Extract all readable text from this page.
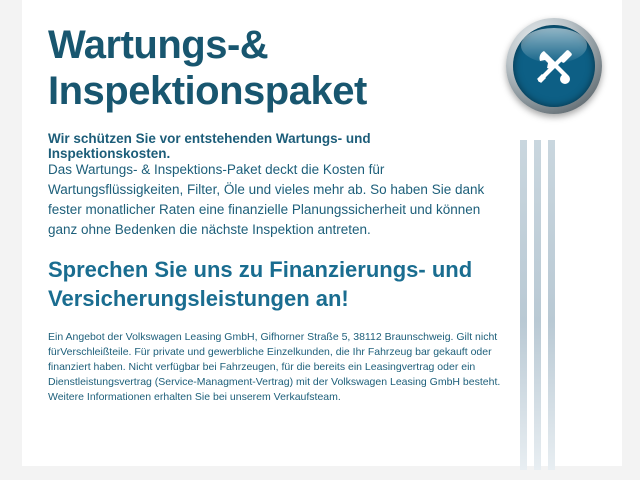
Wartungs-&
Inspektionspaket
Wir schützen Sie vor entstehenden Wartungs- und Inspektionskosten.
Das Wartungs- & Inspektions-Paket deckt die Kosten für Wartungsflüssigkeiten, Filter, Öle und vieles mehr ab. So haben Sie dank fester monatlicher Raten eine finanzielle Planungssicherheit und können ganz ohne Bedenken die nächste Inspektion antreten.
Sprechen Sie uns zu Finanzierungs- und
Versicherungsleistungen an!
Ein Angebot der Volkswagen Leasing GmbH, Gifhorner Straße 5, 38112 Braunschweig. Gilt nicht fürVerschleißteile. Für private und gewerbliche Einzelkunden, die Ihr Fahrzeug bar gekauft oder finanziert haben. Nicht verfügbar bei Fahrzeugen, für die bereits ein Leasingvertrag oder ein Dienstleistungsvertrag (Service-Managment-Vertrag) mit der Volkswagen Leasing GmbH besteht. Weitere Informationen erhalten Sie bei unserem Verkaufsteam.
